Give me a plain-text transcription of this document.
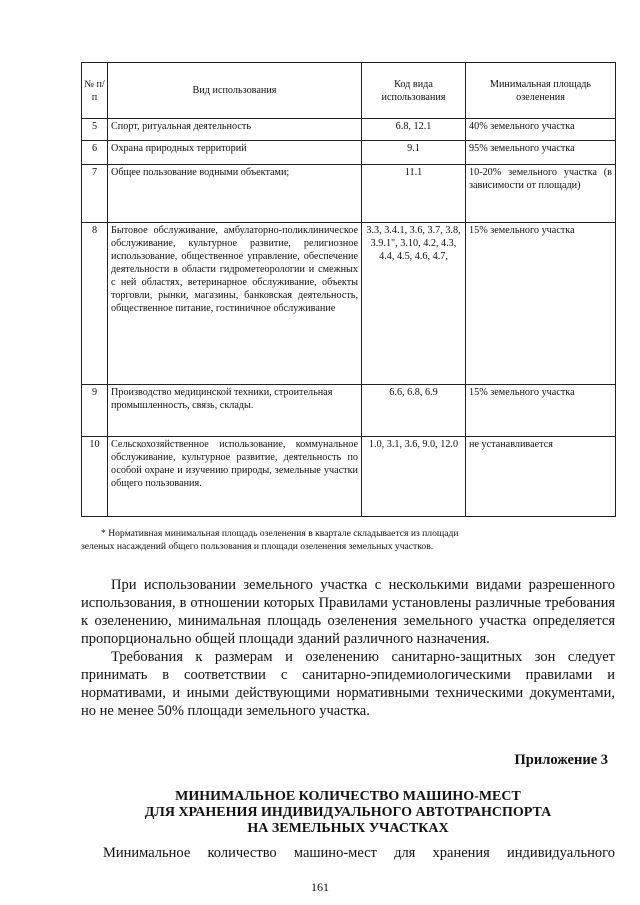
№ п/п	Вид использования	Код вида использования	Минимальная площадь озеленения
5	Спорт, ритуальная деятельность	6.8, 12.1	40% земельного участка
6	Охрана природных территорий	9.1	95% земельного участка
7	Общее пользование водными объектами;	11.1	10-20% земельного участка (в зависимости от площади)
8	Бытовое обслуживание, амбулаторно-поликлиническое обслуживание, культурное развитие, религиозное использование, общественное управление, обеспечение деятельности в области гидрометеорологии и смежных с ней областях, ветеринарное обслуживание, объекты торговли, рынки, магазины, банковская деятельность, общественное питание, гостиничное обслуживание	3.3, 3.4.1, 3.6, 3.7, 3.8, 3.9.1", 3.10, 4.2, 4.3, 4.4, 4.5, 4.6, 4.7,	15% земельного участка
9	Производство медицинской техники, строительная промышленность, связь, склады.	6.6, 6.8, 6.9	15% земельного участка
10	Сельскохозяйственное использование, коммунальное обслуживание, культурное развитие, деятельность по особой охране и изучению природы, земельные участки общего пользования.	1.0, 3.1, 3.6, 9.0, 12.0	не устанавливается

* Нормативная минимальная площадь озеленения в квартале складывается из площади

зеленых насаждений общего пользования и площади озеленения земельных участков.

При использовании земельного участка с несколькими видами разрешенного использования, в отношении которых Правилами установлены различные требования к озеленению, минимальная площадь озеленения земельного участка определяется пропорционально общей площади зданий различного назначения.

Требования к размерам и озеленению санитарно-защитных зон следует принимать в соответствии с санитарно-эпидемиологическими правилами и нормативами, и иными действующими нормативными техническими документами, но не менее 50% площади земельного участка.

Приложение 3
МИНИМАЛЬНОЕ КОЛИЧЕСТВО МАШИНО-МЕСТ
ДЛЯ ХРАНЕНИЯ ИНДИВИДУАЛЬНОГО АВТОТРАНСПОРТА
НА ЗЕМЕЛЬНЫХ УЧАСТКАХ
Минимальное количество машино-мест для хранения индивидуального
161
